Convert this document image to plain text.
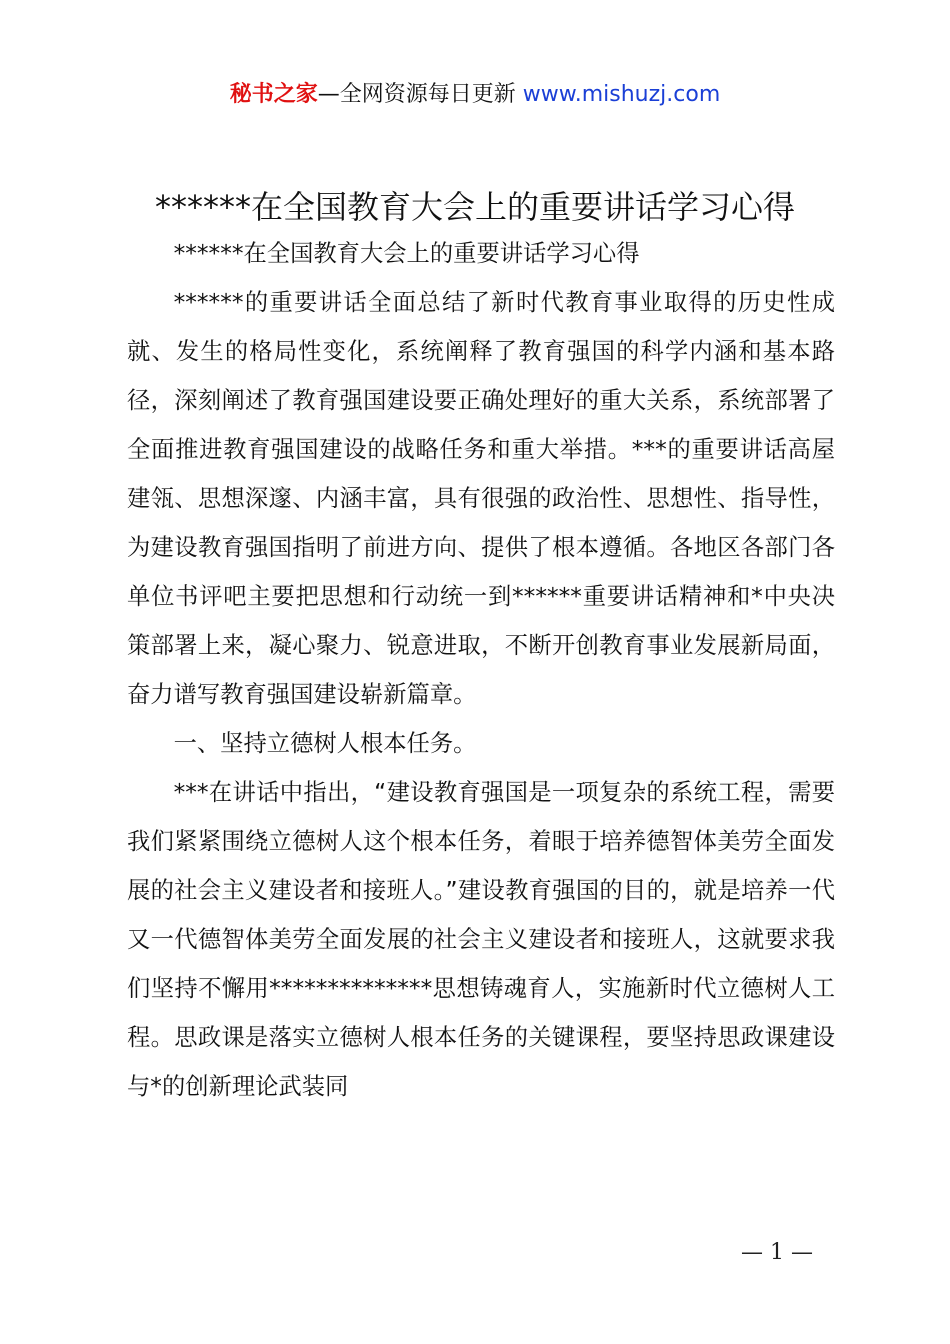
秘书之家—全网资源每日更新 www.mishuzj.com
******在全国教育大会上的重要讲话学习心得

******在全国教育大会上的重要讲话学习心得

******的重要讲话全面总结了新时代教育事业取得的历史性成就、发生的格局性变化，系统阐释了教育强国的科学内涵和基本路径，深刻阐述了教育强国建设要正确处理好的重大关系，系统部署了全面推进教育强国建设的战略任务和重大举措。***的重要讲话高屋建瓴、思想深邃、内涵丰富，具有很强的政治性、思想性、指导性，为建设教育强国指明了前进方向、提供了根本遵循。各地区各部门各单位书评吧主要把思想和行动统一到******重要讲话精神和*中央决策部署上来，凝心聚力、锐意进取，不断开创教育事业发展新局面，奋力谱写教育强国建设崭新篇章。

一、坚持立德树人根本任务。

***在讲话中指出，“建设教育强国是一项复杂的系统工程，需要我们紧紧围绕立德树人这个根本任务，着眼于培养德智体美劳全面发展的社会主义建设者和接班人。”建设教育强国的目的，就是培养一代又一代德智体美劳全面发展的社会主义建设者和接班人，这就要求我们坚持不懈用**************思想铸魂育人，实施新时代立德树人工程。思政课是落实立德树人根本任务的关键课程，要坚持思政课建设与*的创新理论武装同

— 1 —
